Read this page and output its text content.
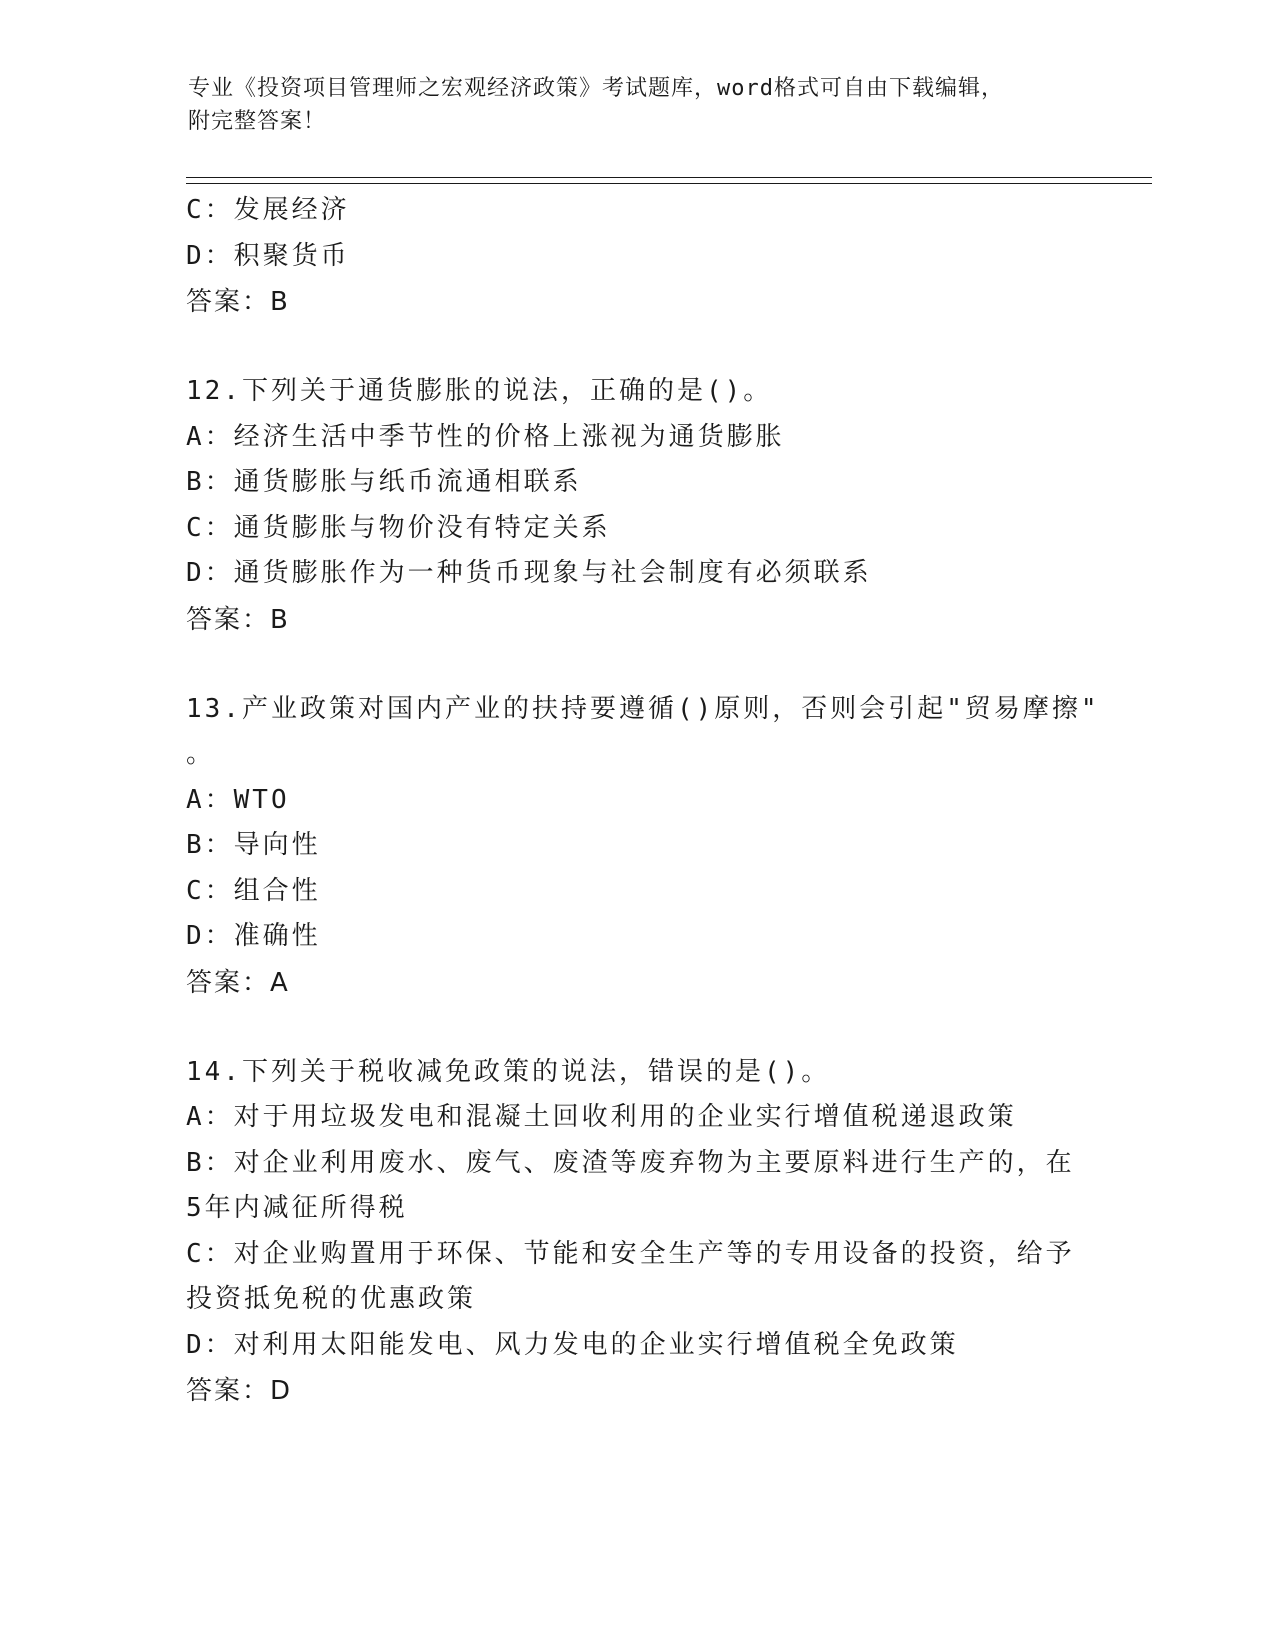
专业《投资项目管理师之宏观经济政策》考试题库，word格式可自由下载编辑，
附完整答案！
C：发展经济
D：积聚货币
答案：B
12.下列关于通货膨胀的说法，正确的是()。
A：经济生活中季节性的价格上涨视为通货膨胀
B：通货膨胀与纸币流通相联系
C：通货膨胀与物价没有特定关系
D：通货膨胀作为一种货币现象与社会制度有必须联系
答案：B
13.产业政策对国内产业的扶持要遵循()原则，否则会引起"贸易摩擦"
。
A：WTO
B：导向性
C：组合性
D：准确性
答案：A
14.下列关于税收减免政策的说法，错误的是()。
A：对于用垃圾发电和混凝土回收利用的企业实行增值税递退政策
B：对企业利用废水、废气、废渣等废弃物为主要原料进行生产的，在
5年内减征所得税
C：对企业购置用于环保、节能和安全生产等的专用设备的投资，给予
投资抵免税的优惠政策
D：对利用太阳能发电、风力发电的企业实行增值税全免政策
答案：D
